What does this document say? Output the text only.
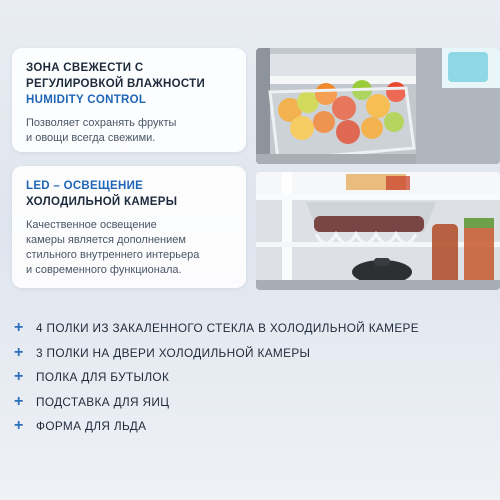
ЗОНА СВЕЖЕСТИ С
РЕГУЛИРОВКОЙ ВЛАЖНОСТИ
HUMIDITY CONTROL
Позволяет сохранять фрукты
и овощи всегда свежими.
LED – ОСВЕЩЕНИЕ
ХОЛОДИЛЬНОЙ КАМЕРЫ
Качественное освещение
камеры является дополнением
стильного внутреннего интерьера
и современного функционала.
+	4 ПОЛКИ ИЗ ЗАКАЛЕННОГО СТЕКЛА В ХОЛОДИЛЬНОЙ КАМЕРЕ
+	3 ПОЛКИ НА ДВЕРИ ХОЛОДИЛЬНОЙ КАМЕРЫ
+	ПОЛКА ДЛЯ БУТЫЛОК
+	ПОДСТАВКА ДЛЯ ЯИЦ
+	ФОРМА ДЛЯ ЛЬДА
